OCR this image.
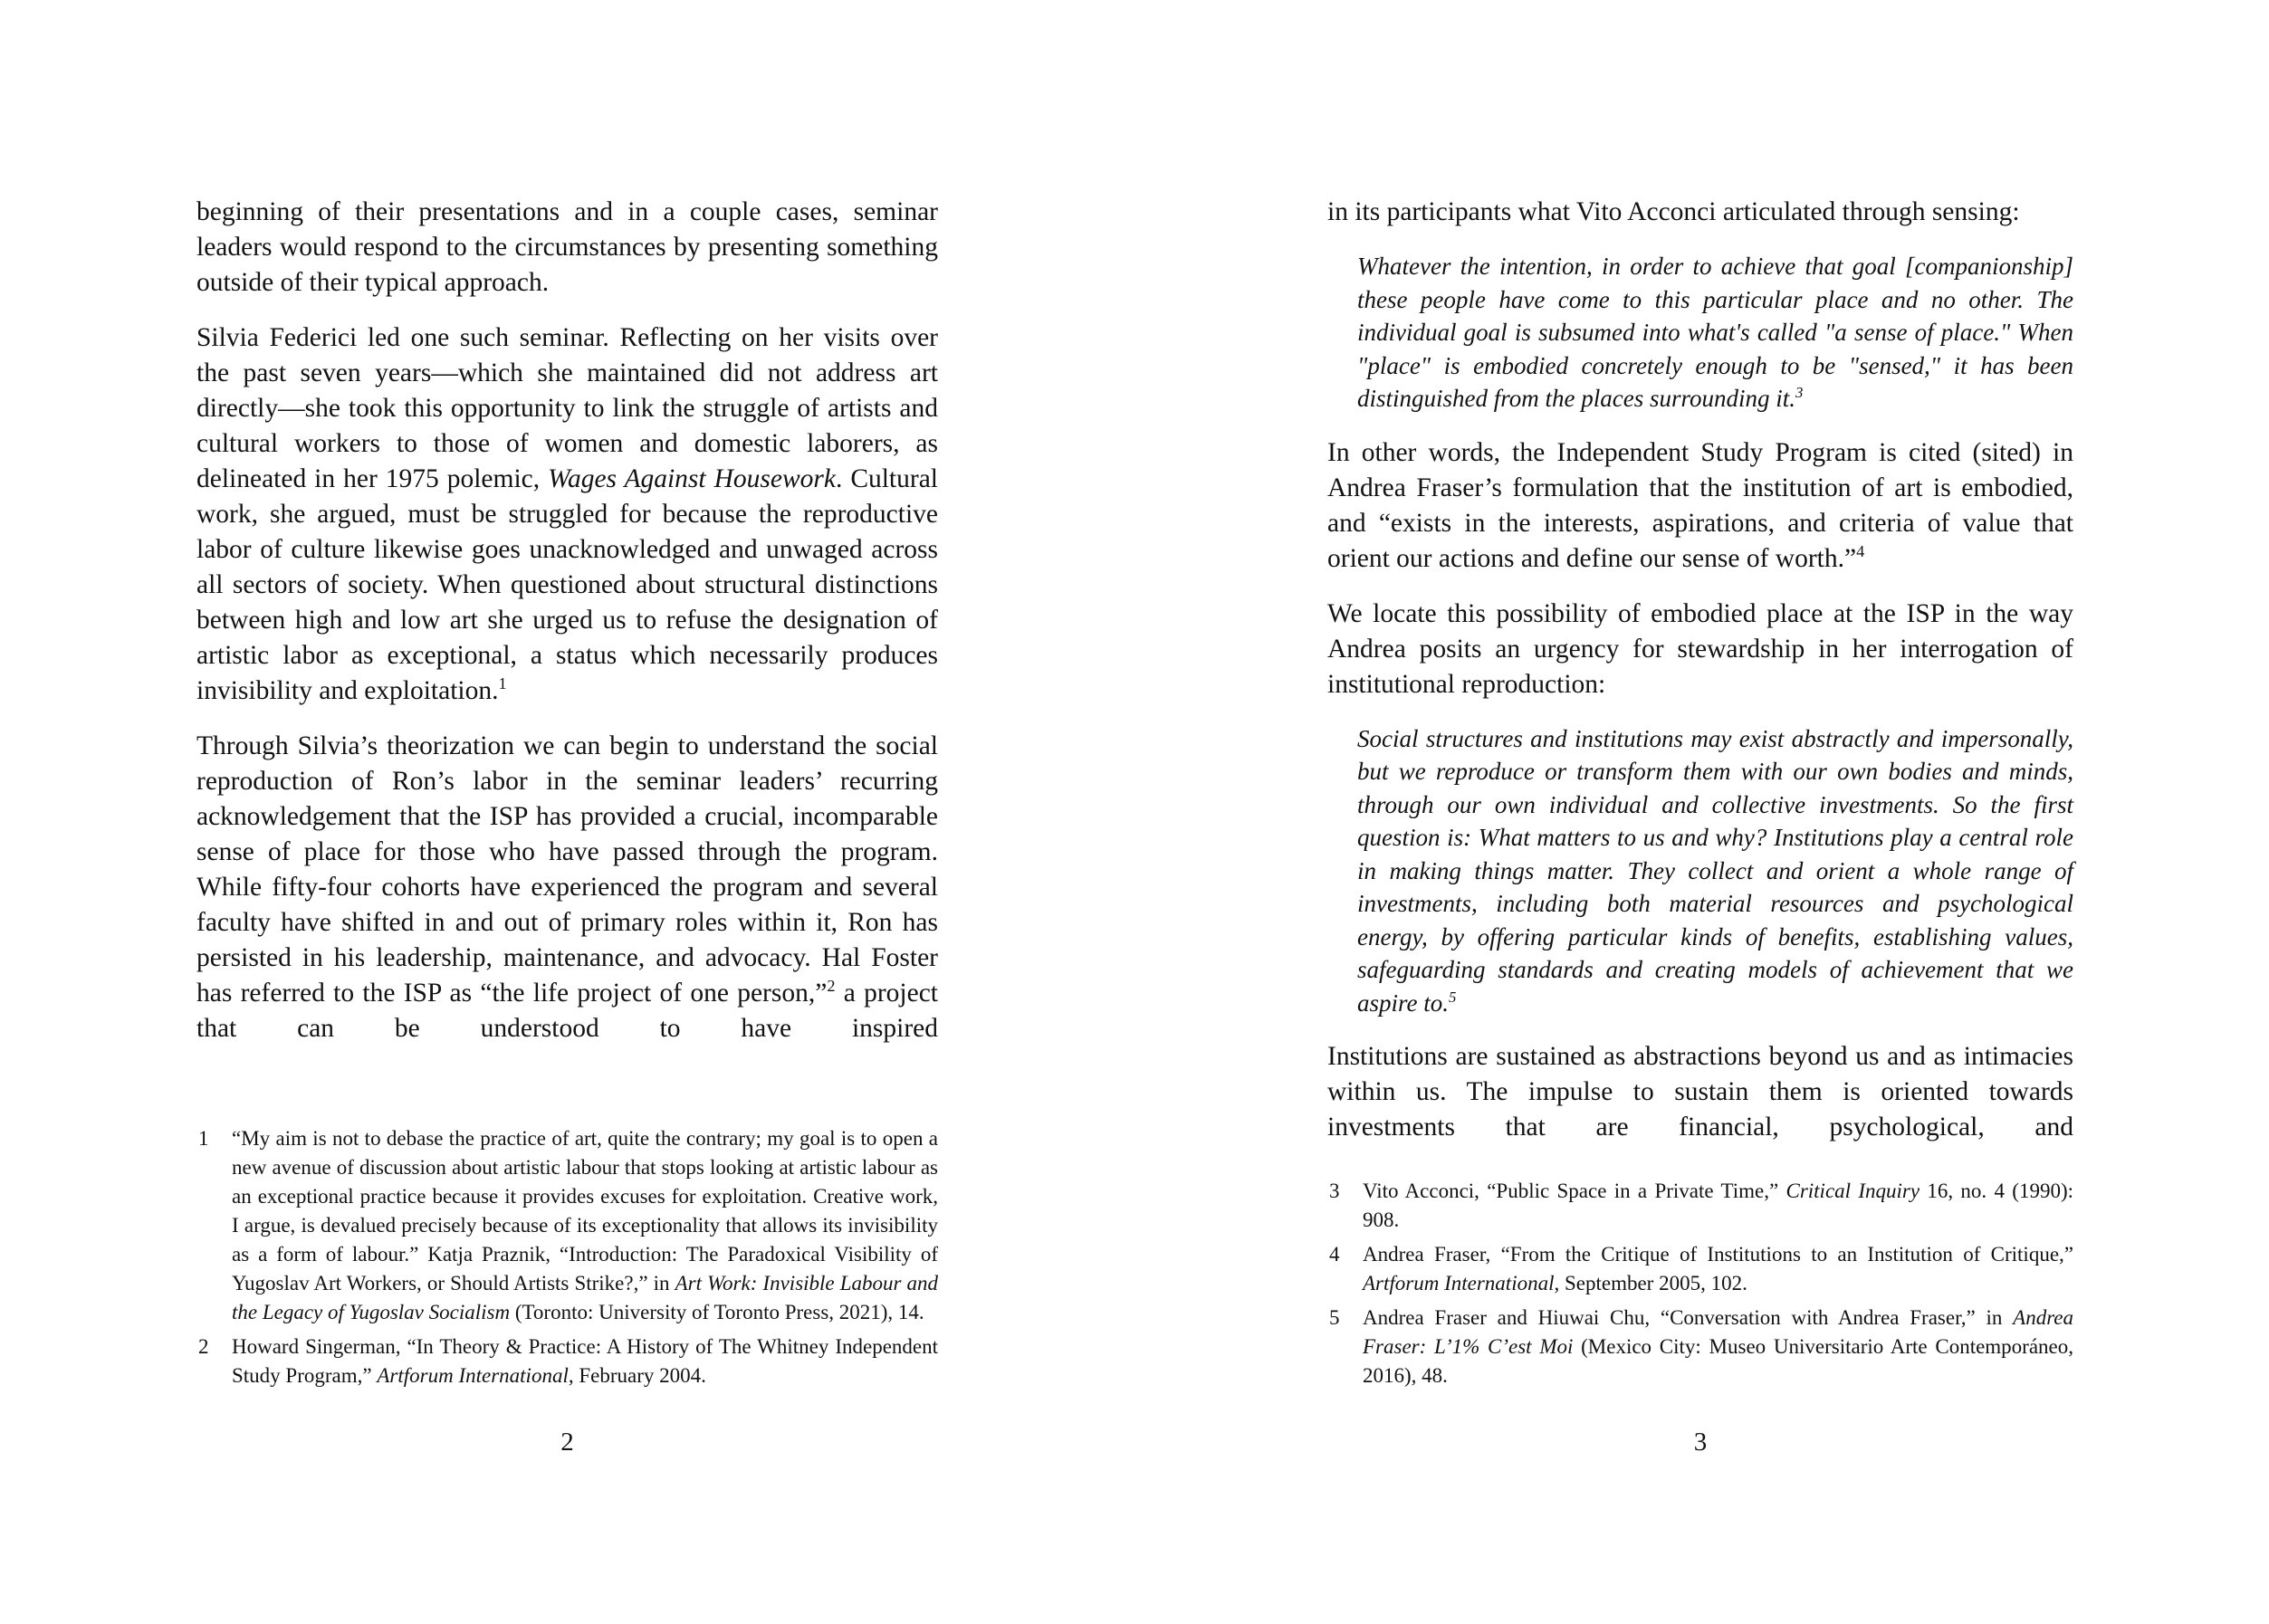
beginning of their presentations and in a couple cases, seminar leaders would respond to the circumstances by presenting something outside of their typical approach.

Silvia Federici led one such seminar. Reflecting on her visits over the past seven years—which she maintained did not address art directly—she took this opportunity to link the struggle of artists and cultural workers to those of women and domestic laborers, as delineated in her 1975 polemic, Wages Against Housework. Cultural work, she argued, must be struggled for because the reproductive labor of culture likewise goes unacknowledged and unwaged across all sectors of society. When questioned about structural distinctions between high and low art she urged us to refuse the designation of artistic labor as exceptional, a status which necessarily produces invisibility and exploitation.$^1$

Through Silvia’s theorization we can begin to understand the social reproduction of Ron’s labor in the seminar leaders’ recurring acknowledgement that the ISP has provided a crucial, incomparable sense of place for those who have passed through the program. While fifty-four cohorts have experienced the program and several faculty have shifted in and out of primary roles within it, Ron has persisted in his leadership, maintenance, and advocacy. Hal Foster has referred to the ISP as “the life project of one person,”$^2$ a project that can be understood to have inspired

1 “My aim is not to debase the practice of art, quite the contrary; my goal is to open a new avenue of discussion about artistic labour that stops looking at artistic labour as an exceptional practice because it provides excuses for exploitation. Creative work, I argue, is devalued precisely because of its exceptionality that allows its invisibility as a form of labour.” Katja Praznik, “Introduction: The Paradoxical Visibility of Yugoslav Art Workers, or Should Artists Strike?,” in Art Work: Invisible Labour and the Legacy of Yugoslav Socialism (Toronto: University of Toronto Press, 2021), 14.
2 Howard Singerman, “In Theory & Practice: A History of The Whitney Independent Study Program,” Artforum International, February 2004.
2

in its participants what Vito Acconci articulated through sensing:

Whatever the intention, in order to achieve that goal [companionship] these people have come to this particular place and no other. The individual goal is subsumed into what's called "a sense of place." When "place" is embodied concretely enough to be "sensed," it has been distinguished from the places surrounding it.$^3$

In other words, the Independent Study Program is cited (sited) in Andrea Fraser’s formulation that the institution of art is embodied, and “exists in the interests, aspirations, and criteria of value that orient our actions and define our sense of worth.”$^4$

We locate this possibility of embodied place at the ISP in the way Andrea posits an urgency for stewardship in her interrogation of institutional reproduction:

Social structures and institutions may exist abstractly and impersonally, but we reproduce or transform them with our own bodies and minds, through our own individual and collective investments. So the first question is: What matters to us and why? Institutions play a central role in making things matter. They collect and orient a whole range of investments, including both material resources and psychological energy, by offering particular kinds of benefits, establishing values, safeguarding standards and creating models of achievement that we aspire to.$^5$

Institutions are sustained as abstractions beyond us and as intimacies within us. The impulse to sustain them is oriented towards investments that are financial, psychological, and

3 Vito Acconci, “Public Space in a Private Time,” Critical Inquiry 16, no. 4 (1990): 908.
4 Andrea Fraser, “From the Critique of Institutions to an Institution of Critique,” Artforum International, September 2005, 102.
5 Andrea Fraser and Hiuwai Chu, “Conversation with Andrea Fraser,” in Andrea Fraser: L’1% C’est Moi (Mexico City: Museo Universitario Arte Contemporáneo, 2016), 48.
3
